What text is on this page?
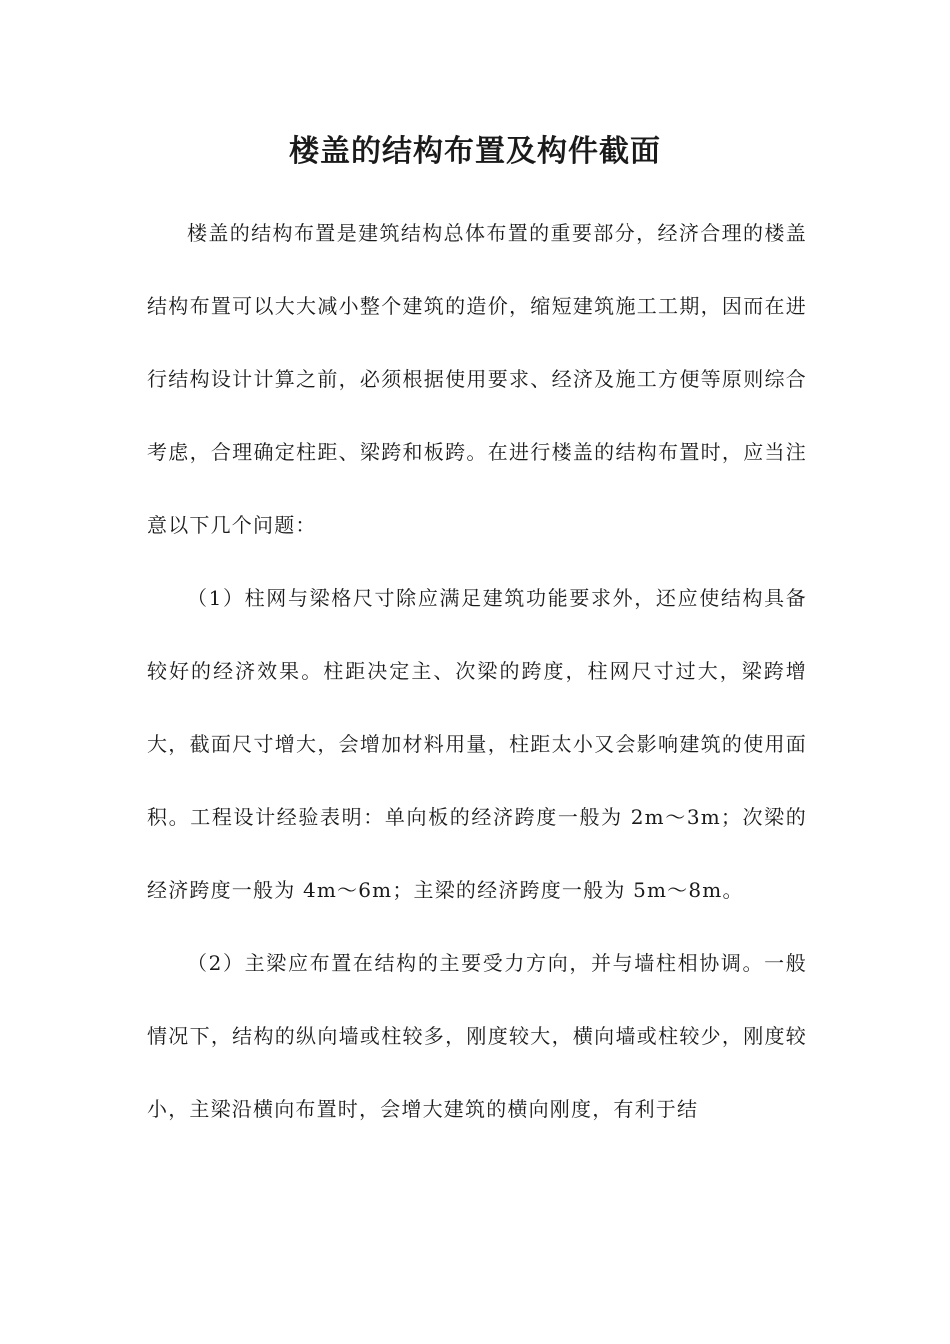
楼盖的结构布置及构件截面

楼盖的结构布置是建筑结构总体布置的重要部分，经济合理的楼盖结构布置可以大大减小整个建筑的造价，缩短建筑施工工期，因而在进行结构设计计算之前，必须根据使用要求、经济及施工方便等原则综合考虑，合理确定柱距、梁跨和板跨。在进行楼盖的结构布置时，应当注意以下几个问题：

（1）柱网与梁格尺寸除应满足建筑功能要求外，还应使结构具备较好的经济效果。柱距决定主、次梁的跨度，柱网尺寸过大，梁跨增大，截面尺寸增大，会增加材料用量，柱距太小又会影响建筑的使用面积。工程设计经验表明：单向板的经济跨度一般为 2m～3m；次梁的经济跨度一般为 4m～6m；主梁的经济跨度一般为 5m～8m。

（2）主梁应布置在结构的主要受力方向，并与墙柱相协调。一般情况下，结构的纵向墙或柱较多，刚度较大，横向墙或柱较少，刚度较小，主梁沿横向布置时，会增大建筑的横向刚度，有利于结
